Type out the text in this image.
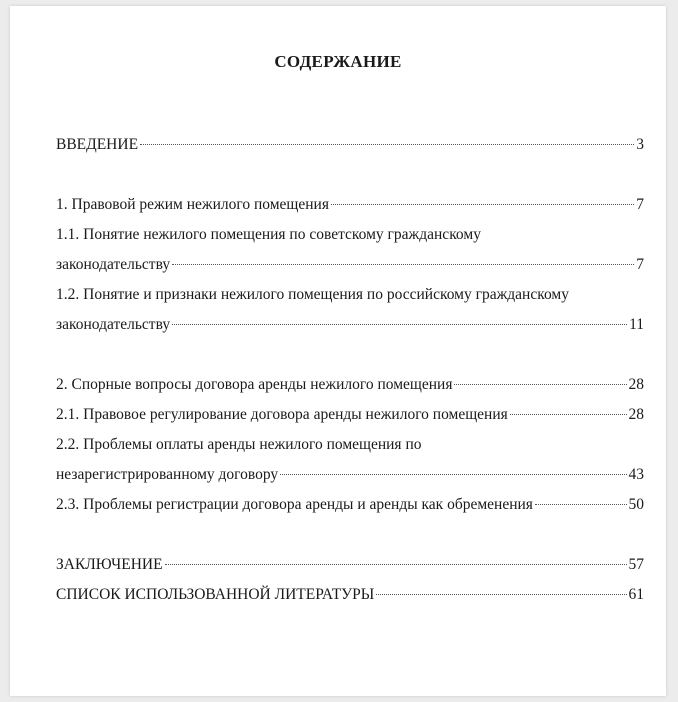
СОДЕРЖАНИЕ
ВВЕДЕНИЕ	3
1. Правовой режим нежилого помещения	7
1.1. Понятие нежилого помещения по советскому гражданскому
законодательству	7
1.2. Понятие и признаки нежилого помещения по российскому гражданскому
законодательству	11
2. Спорные вопросы договора аренды нежилого помещения	28
2.1. Правовое регулирование договора аренды нежилого помещения	28
2.2. Проблемы оплаты аренды нежилого помещения по
незарегистрированному договору	43
2.3. Проблемы регистрации договора аренды и аренды как обременения	50
ЗАКЛЮЧЕНИЕ	57
СПИСОК ИСПОЛЬЗОВАННОЙ ЛИТЕРАТУРЫ	61
